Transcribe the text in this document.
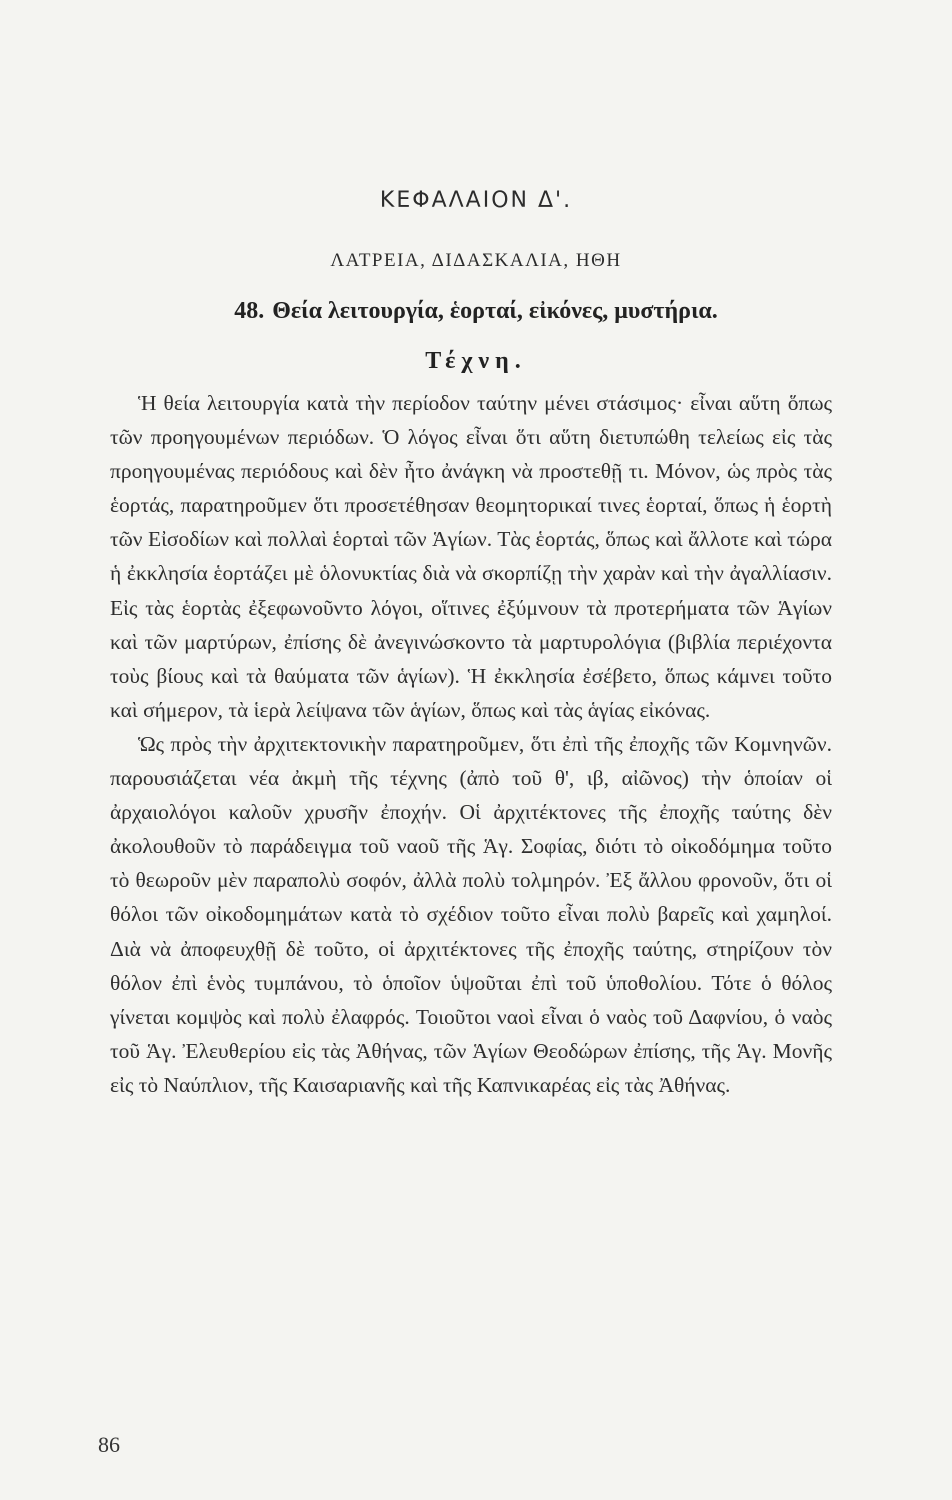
ΚΕΦΑΛΑΙΟΝ Δ'.
ΛΑΤΡΕΙΑ, ΔΙΔΑΣΚΑΛΙΑ, ΗΘΗ
48. Θεία λειτουργία, ἑορταί, εἰκόνες, μυστήρια.
Τέχνη.

Ἡ θεία λειτουργία κατὰ τὴν περίοδον ταύτην μένει στάσιμος· εἶναι αὕτη ὅπως τῶν προηγουμένων περιόδων. Ὁ λόγος εἶναι ὅτι αὕτη διετυπώθη τελείως εἰς τὰς προηγουμένας περιόδους καὶ δὲν ἦτο ἀνάγκη νὰ προστεθῇ τι. Μόνον, ὡς πρὸς τὰς ἑορτάς, παρατηροῦμεν ὅτι προσετέθησαν θεομητορικαί τινες ἑορταί, ὅπως ἡ ἑορτὴ τῶν Εἰσοδίων καὶ πολλαὶ ἑορταὶ τῶν Ἁγίων. Τὰς ἑορτάς, ὅπως καὶ ἄλλοτε καὶ τώρα ἡ ἐκκλησία ἑορτάζει μὲ ὁλονυκτίας διὰ νὰ σκορπίζῃ τὴν χαρὰν καὶ τὴν ἀγαλλίασιν. Εἰς τὰς ἑορτὰς ἐξεφωνοῦντο λόγοι, οἵτινες ἐξύμνουν τὰ προτερήματα τῶν Ἁγίων καὶ τῶν μαρτύρων, ἐπίσης δὲ ἀνεγινώσκοντο τὰ μαρτυρολόγια (βιβλία περιέχοντα τοὺς βίους καὶ τὰ θαύματα τῶν ἁγίων). Ἡ ἐκκλησία ἐσέβετο, ὅπως κάμνει τοῦτο καὶ σήμερον, τὰ ἱερὰ λείψανα τῶν ἁγίων, ὅπως καὶ τὰς ἁγίας εἰκόνας.

Ὡς πρὸς τὴν ἀρχιτεκτονικὴν παρατηροῦμεν, ὅτι ἐπὶ τῆς ἐποχῆς τῶν Κομνηνῶν. παρουσιάζεται νέα ἀκμὴ τῆς τέχνης (ἀπὸ τοῦ θ', ιβ, αἰῶνος) τὴν ὁποίαν οἱ ἀρχαιολόγοι καλοῦν χρυσῆν ἐποχήν. Οἱ ἀρχιτέκτονες τῆς ἐποχῆς ταύτης δὲν ἀκολουθοῦν τὸ παράδειγμα τοῦ ναοῦ τῆς Ἁγ. Σοφίας, διότι τὸ οἰκοδόμημα τοῦτο τὸ θεωροῦν μὲν παραπολὺ σοφόν, ἀλλὰ πολὺ τολμηρόν. Ἐξ ἄλλου φρονοῦν, ὅτι οἱ θόλοι τῶν οἰκοδομημάτων κατὰ τὸ σχέδιον τοῦτο εἶναι πολὺ βαρεῖς καὶ χαμηλοί. Διὰ νὰ ἀποφευχθῇ δὲ τοῦτο, οἱ ἀρχιτέκτονες τῆς ἐποχῆς ταύτης, στηρίζουν τὸν θόλον ἐπὶ ἑνὸς τυμπάνου, τὸ ὁποῖον ὑψοῦται ἐπὶ τοῦ ὑποθολίου. Τότε ὁ θόλος γίνεται κομψὸς καὶ πολὺ ἐλαφρός. Τοιοῦτοι ναοὶ εἶναι ὁ ναὸς τοῦ Δαφνίου, ὁ ναὸς τοῦ Ἁγ. Ἐλευθερίου εἰς τὰς Ἀθήνας, τῶν Ἁγίων Θεοδώρων ἐπίσης, τῆς Ἁγ. Μονῆς εἰς τὸ Ναύπλιον, τῆς Καισαριανῆς καὶ τῆς Καπνικαρέας εἰς τὰς Ἀθήνας.

86
